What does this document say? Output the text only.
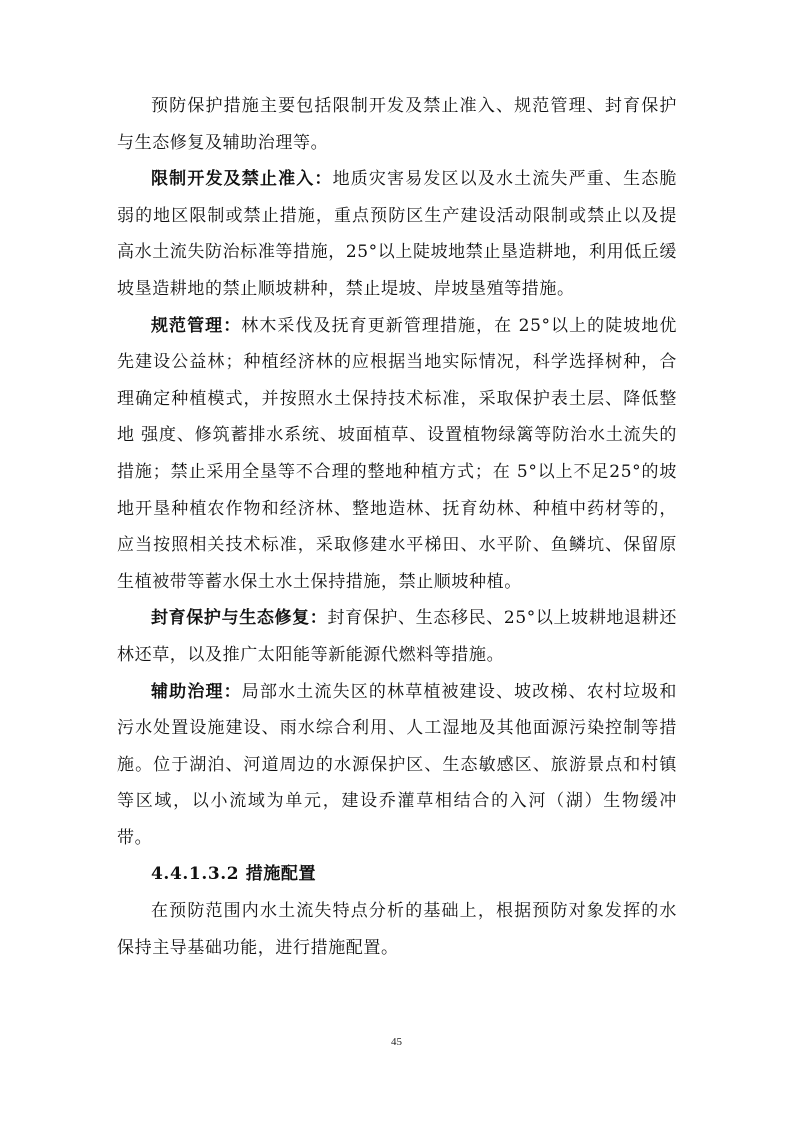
预防保护措施主要包括限制开发及禁止准入、规范管理、封育保护 与生态修复及辅助治理等。

限制开发及禁止准入：地质灾害易发区以及水土流失严重、生态脆弱的地区限制或禁止措施，重点预防区生产建设活动限制或禁止以及提 高水土流失防治标准等措施，25°以上陡坡地禁止垦造耕地，利用低丘缓坡垦造耕地的禁止顺坡耕种，禁止堤坡、岸坡垦殖等措施。

规范管理：林木采伐及抚育更新管理措施，在 25°以上的陡坡地优先建设公益林；种植经济林的应根据当地实际情况，科学选择树种，合理确定种植模式，并按照水土保持技术标准，采取保护表土层、降低整地 强度、修筑蓄排水系统、坡面植草、设置植物绿篱等防治水土流失的措施；禁止采用全垦等不合理的整地种植方式；在 5°以上不足25°的坡地开垦种植农作物和经济林、整地造林、抚育幼林、种植中药材等的，应当按照相关技术标准，采取修建水平梯田、水平阶、鱼鳞坑、保留原生植被带等蓄水保土水土保持措施，禁止顺坡种植。

封育保护与生态修复：封育保护、生态移民、25°以上坡耕地退耕还林还草，以及推广太阳能等新能源代燃料等措施。

辅助治理：局部水土流失区的林草植被建设、坡改梯、农村垃圾和污水处置设施建设、雨水综合利用、人工湿地及其他面源污染控制等措施。位于湖泊、河道周边的水源保护区、生态敏感区、旅游景点和村镇 等区域，以小流域为单元，建设乔灌草相结合的入河（湖）生物缓冲带。

4.4.1.3.2 措施配置

在预防范围内水土流失特点分析的基础上，根据预防对象发挥的水 保持主导基础功能，进行措施配置。

45
